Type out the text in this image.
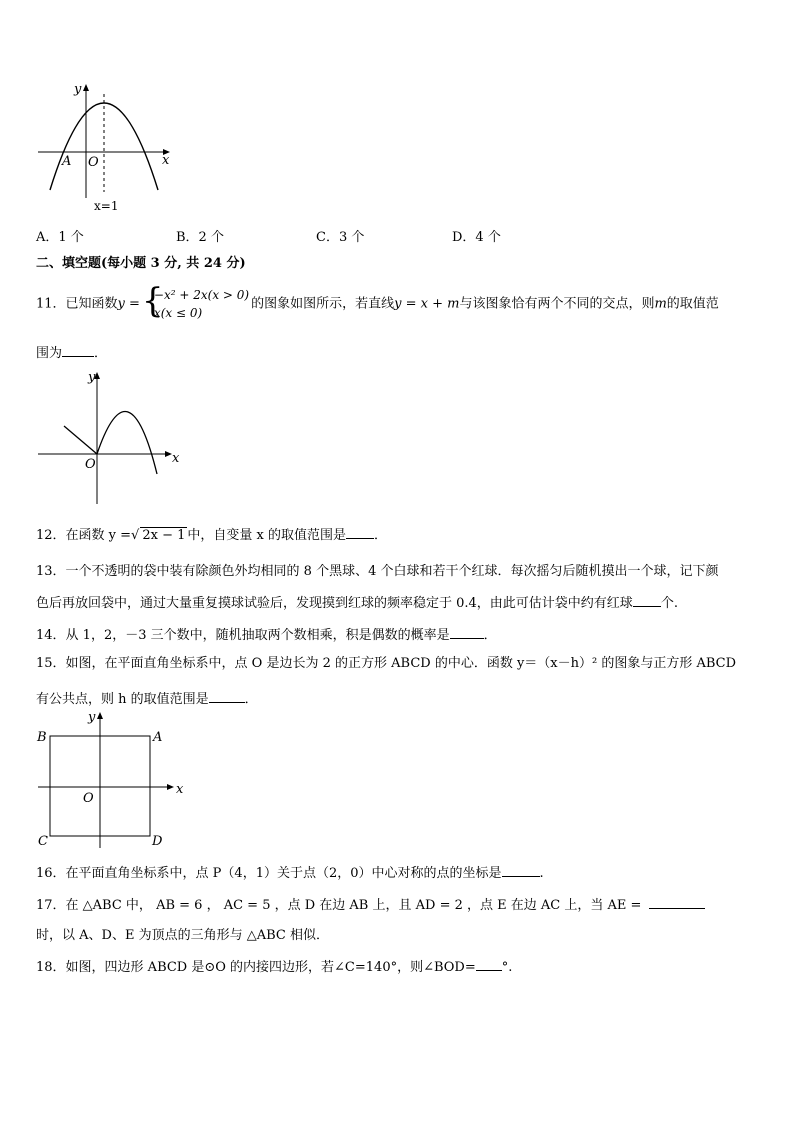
y
x
A O
x=1
A．1 个	B．2 个	C．3 个	D．4 个
二、填空题(每小题 3 分, 共 24 分)
11．已知函数y = {
−x² + 2x(x > 0)
x(x ≤ 0)
的图象如图所示，若直线y = x + m与该图象恰有两个不同的交点，则m的取值范
围为 ．
y
x
O
12．在函数 y =√ 2x − 1 中，自变量 x 的取值范围是 ．
13．一个不透明的袋中装有除颜色外均相同的 8 个黑球、4 个白球和若干个红球．每次摇匀后随机摸出一个球，记下颜
色后再放回袋中，通过大量重复摸球试验后，发现摸到红球的频率稳定于 0.4，由此可估计袋中约有红球 个.
14．从 1，2，－3 三个数中，随机抽取两个数相乘，积是偶数的概率是	．
15．如图，在平面直角坐标系中，点 O 是边长为 2 的正方形 ABCD 的中心．函数 y＝（x－h）² 的图象与正方形 ABCD
有公共点，则 h 的取值范围是	．
y
x
B	A
C	D
O
16．在平面直角坐标系中，点 P（4，1）关于点（2，0）中心对称的点的坐标是	.
17．在 △ABC 中， AB = 6 ， AC = 5 ，点 D 在边 AB 上，且 AD = 2 ，点 E 在边 AC 上，当 AE =
时，以 A、D、E 为顶点的三角形与 △ABC 相似．
18．如图，四边形 ABCD 是⊙O 的内接四边形，若∠C=140°，则∠BOD= °.
